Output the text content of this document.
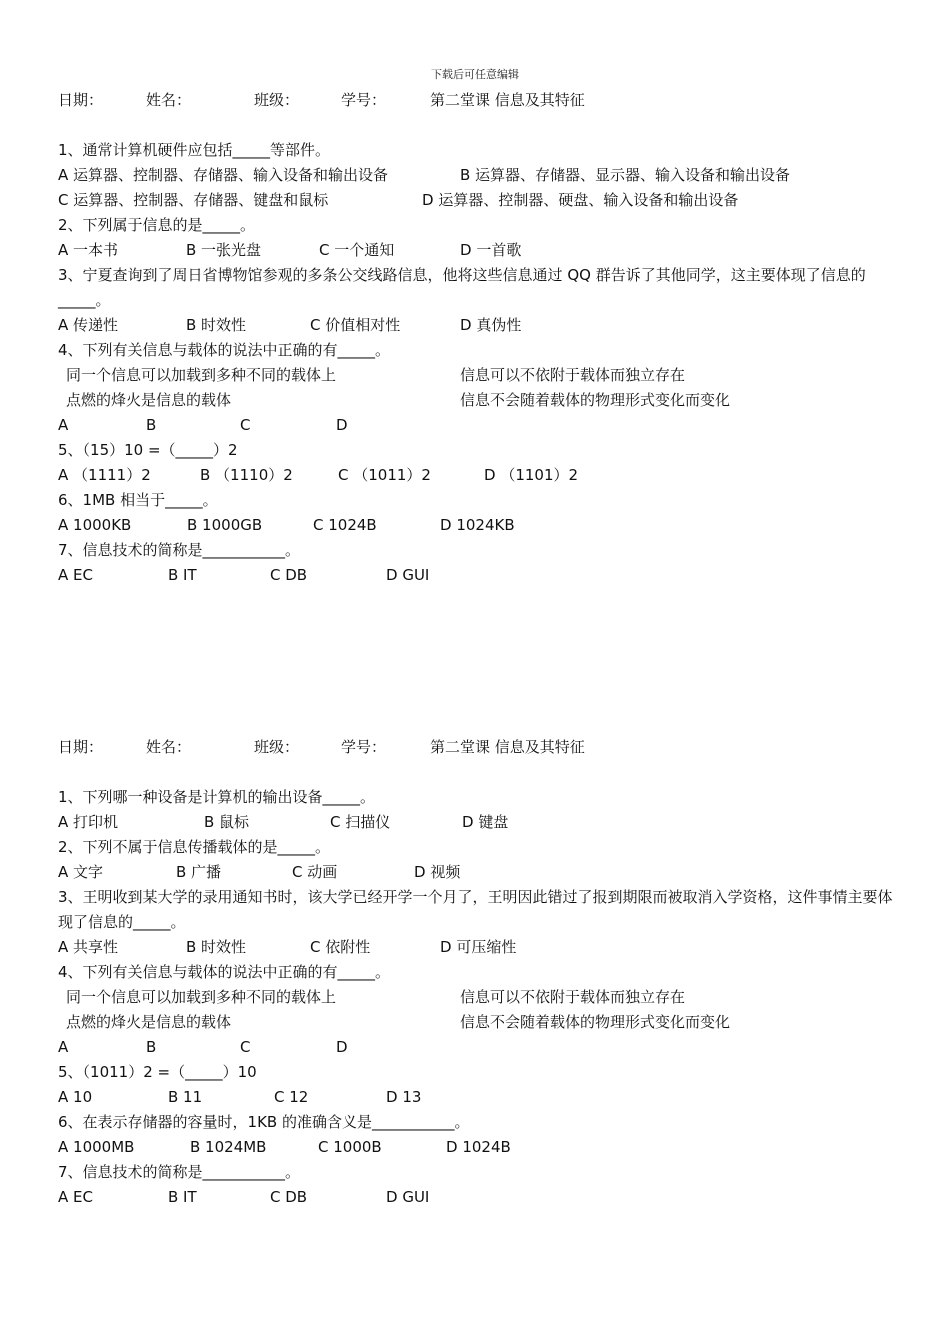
下载后可任意编辑
日期：	姓名：	班级：	学号：	第二堂课 信息及其特征
1、通常计算机硬件应包括_____等部件。
A 运算器、控制器、存储器、输入设备和输出设备	B 运算器、存储器、显示器、输入设备和输出设备
C 运算器、控制器、存储器、键盘和鼠标	D 运算器、控制器、硬盘、输入设备和输出设备
2、下列属于信息的是_____。
A 一本书	B 一张光盘	C 一个通知	D 一首歌
3、宁夏查询到了周日省博物馆参观的多条公交线路信息，他将这些信息通过 QQ 群告诉了其他同学，这主要体现了信息的_____。
A 传递性	B 时效性	C 价值相对性	D 真伪性
4、下列有关信息与载体的说法中正确的有_____。
同一个信息可以加载到多种不同的载体上	信息可以不依附于载体而独立存在
点燃的烽火是信息的载体	信息不会随着载体的物理形式变化而变化
A	B	C	D
5、（15）10 =（_____）2
A （1111）2	B （1110）2	C （1011）2	D （1101）2
6、1MB 相当于_____。
A 1000KB	B 1000GB	C 1024B	D 1024KB
7、信息技术的简称是___________。
A EC	B IT	C DB	D GUI
日期：	姓名：	班级：	学号：	第二堂课 信息及其特征
1、下列哪一种设备是计算机的输出设备_____。
A 打印机	B 鼠标	C 扫描仪	D 键盘
2、下列不属于信息传播载体的是_____。
A 文字	B 广播	C 动画	D 视频
3、王明收到某大学的录用通知书时，该大学已经开学一个月了，王明因此错过了报到期限而被取消入学资格，这件事情主要体现了信息的_____。
A 共享性	B 时效性	C 依附性	D 可压缩性
4、下列有关信息与载体的说法中正确的有_____。
同一个信息可以加载到多种不同的载体上	信息可以不依附于载体而独立存在
点燃的烽火是信息的载体	信息不会随着载体的物理形式变化而变化
A	B	C	D
5、（1011）2 =（_____）10
A 10	B 11	C 12	D 13
6、在表示存储器的容量时，1KB 的准确含义是___________。
A 1000MB	B 1024MB	C 1000B	D 1024B
7、信息技术的简称是___________。
A EC	B IT	C DB	D GUI
